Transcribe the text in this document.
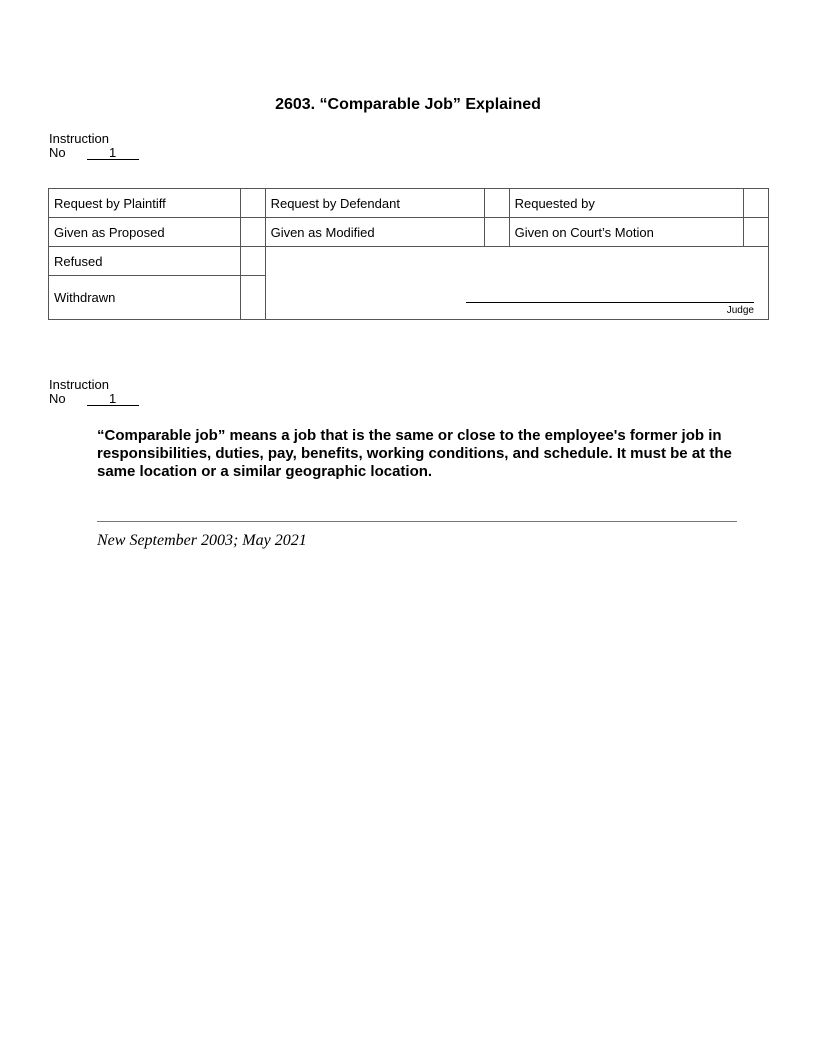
2603. “Comparable Job” Explained
Instruction
No	1
Request by Plaintiff		Request by Defendant		Requested by	
Given as Proposed		Given as Modified		Given on Court’s Motion	
Refused		Judge			

Withdrawn					
Instruction
No	1
“Comparable job” means a job that is the same or close to the employee's former job in responsibilities, duties, pay, benefits, working conditions, and schedule. It must be at the same location or a similar geographic location.
New September 2003; May 2021
